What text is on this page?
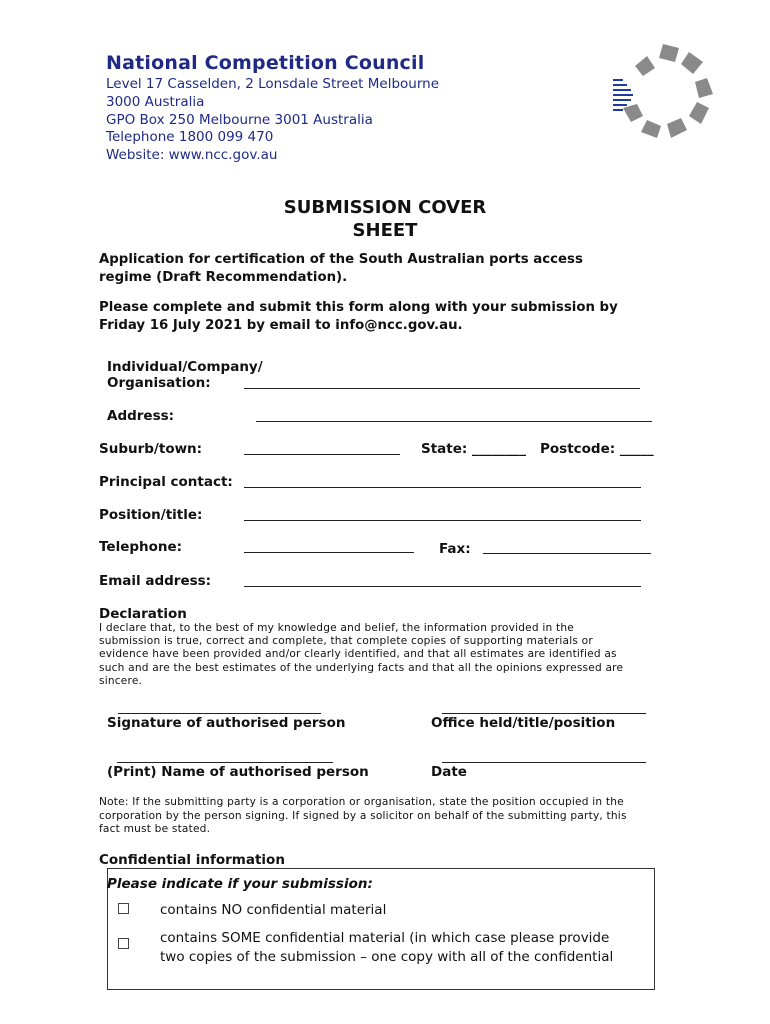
National Competition Council
Level 17 Casselden, 2 Lonsdale Street Melbourne
3000 Australia
GPO Box 250 Melbourne 3001 Australia
Telephone 1800 099 470
Website: www.ncc.gov.au
SUBMISSION COVER
SHEET
Application for certification of the South Australian ports access
regime (Draft Recommendation).
Please complete and submit this form along with your submission by
Friday 16 July 2021 by email to info@ncc.gov.au.
Individual/Company/
Organisation:
Address:
Suburb/town:	State: ________ Postcode: _____
Principal contact:
Position/title:
Telephone:	Fax:
Email address:
Declaration
I declare that, to the best of my knowledge and belief, the information provided in the
submission is true, correct and complete, that complete copies of supporting materials or
evidence have been provided and/or clearly identified, and that all estimates are identified as
such and are the best estimates of the underlying facts and that all the opinions expressed are
sincere.
Signature of authorised person	Office held/title/position
(Print) Name of authorised person	Date
Note: If the submitting party is a corporation or organisation, state the position occupied in the
corporation by the person signing. If signed by a solicitor on behalf of the submitting party, this
fact must be stated.
Confidential information
Please indicate if your submission:
contains NO confidential material
contains SOME confidential material (in which case please provide
two copies of the submission – one copy with all of the confidential
